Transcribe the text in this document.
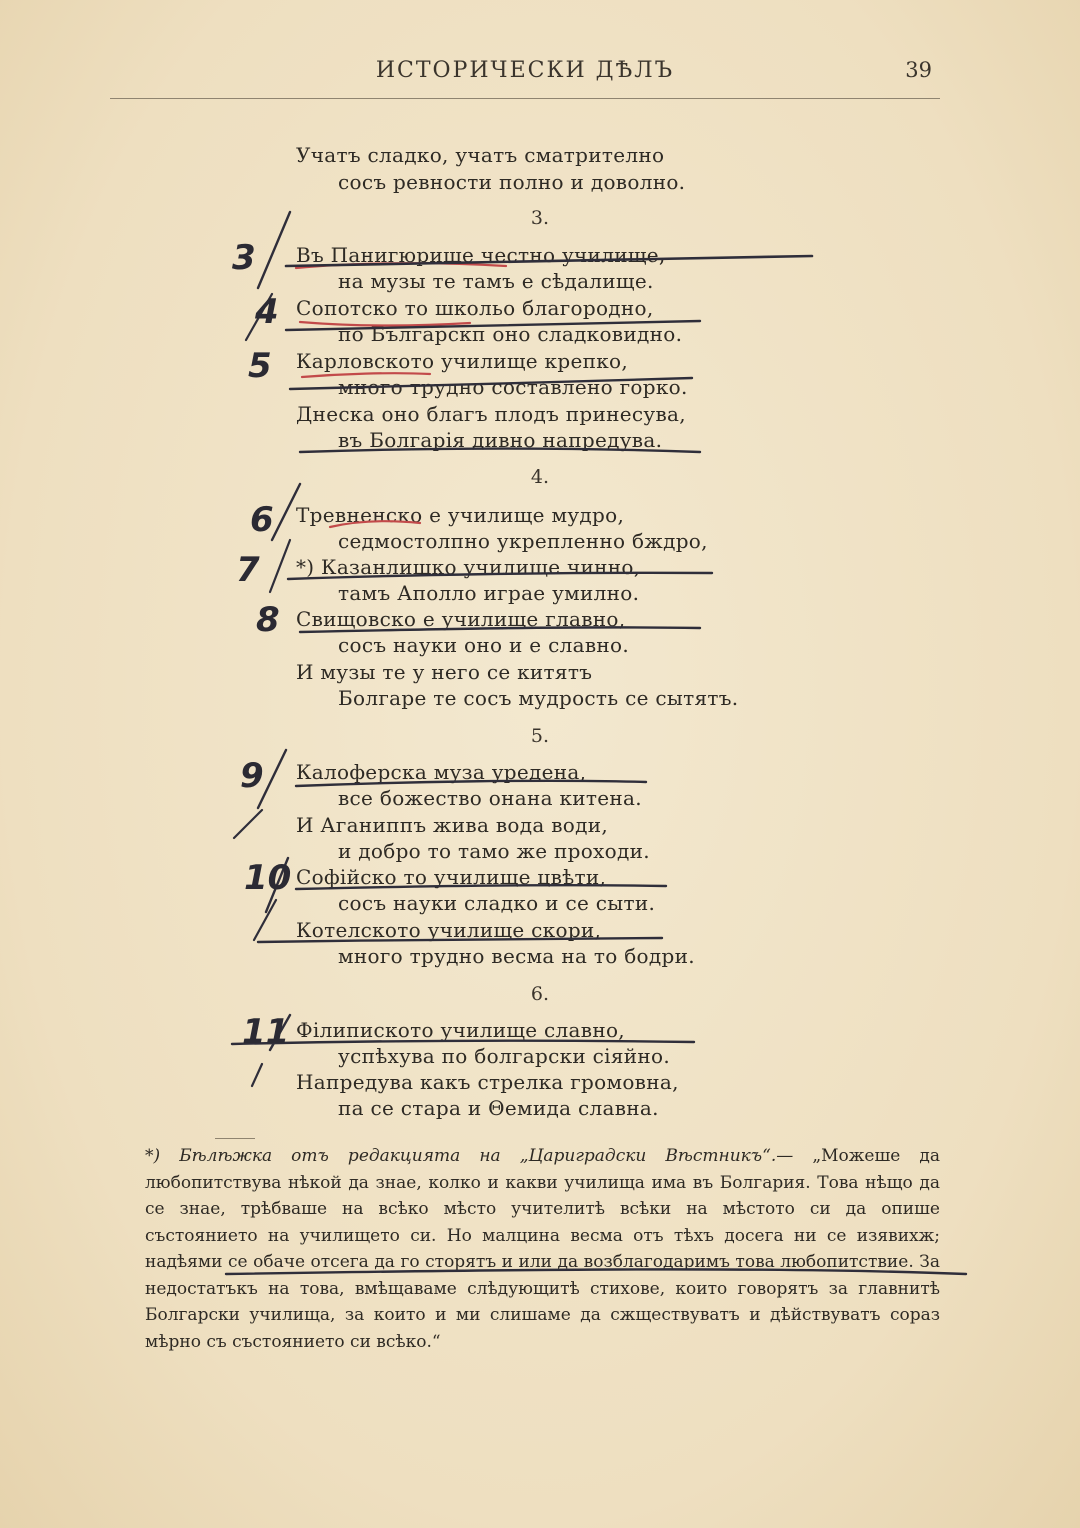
ИСТОРИЧЕСКИ ДѢЛЪ	39
Учатъ сладко, учатъ сматрително
сосъ ревности полно и доволно.
3.
Въ Панигюрище честно училище,
на музы те тамъ е сѣдалище.
Сопотско то школьо благородно,
по Българскп оно сладковидно.
Карловското училище крепко,
много трудно составлено горко.
Днеска оно благъ плодъ принесува,
въ Болгарія дивно напредува.
4.
Трeвненско е училище мудро,
седмостолпно укрепленно бждро,
*) Казанлишко училище чинно,
тамъ Аполло играе умилно.
Свищовско е училище главно,
сосъ науки оно и е славно.
И музы те у него се китятъ
Болгаре те сосъ мудрость се сытятъ.
5.
Калоферска муза уредена,
все божество онана китена.
И Аганиппъ жива вода води,
и добро то тамо же проходи.
Софійско то училище цвѣти,
сосъ науки сладко и се сыти.
Котелското училище скори,
много трудно весма на то бодри.
6.
Філипиското училище славно,
успѣхува по болгарски сіяйно.
Напредува какъ стрелка громовна,
па се стара и Θемида славна.

*) Бѣлѣжка отъ редакцията на „Цариградски Вѣстникъ“.— „Можеше да любопитствува нѣкой да знае, колко и какви училища има въ Болгария. Това нѣщо да се знае, трѣбваше на всѣко мѣсто учителитѣ всѣки на мѣстото си да опише състоянието на училището си. Но малцина весма отъ тѣхъ досега ни се изявихж; надѣями се обаче отсега да го сторятъ и или да возблагодаримъ това любопитствие. За недостатъкъ на това, вмѣщаваме слѣдующитѣ стихове, които говорятъ за главнитѣ Болгарски училища, за които и ми слишаме да сжществуватъ и дѣйствуватъ сораз мѣрно съ състоянието си всѣко.“

3
4
5
6
7
8
9
10
11
